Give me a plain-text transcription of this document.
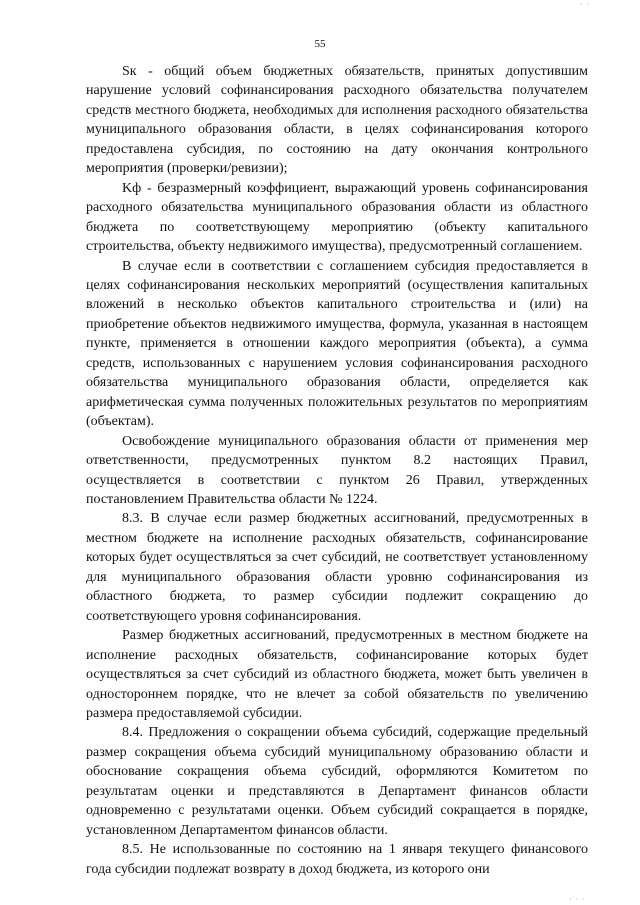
· ·
55

Sк - общий объем бюджетных обязательств, принятых допустившим нарушение условий софинансирования расходного обязательства получателем средств местного бюджета, необходимых для исполнения расходного обязательства муниципального образования области, в целях софинансирования которого предоставлена субсидия, по состоянию на дату окончания контрольного мероприятия (проверки/ревизии);

Kф - безразмерный коэффициент, выражающий уровень софинансирования расходного обязательства муниципального образования области из областного бюджета по соответствующему мероприятию (объекту капитального строительства, объекту недвижимого имущества), предусмотренный соглашением.

В случае если в соответствии с соглашением субсидия предоставляется в целях софинансирования нескольких мероприятий (осуществления капитальных вложений в несколько объектов капитального строительства и (или) на приобретение объектов недвижимого имущества, формула, указанная в настоящем пункте, применяется в отношении каждого мероприятия (объекта), а сумма средств, использованных с нарушением условия софинансирования расходного обязательства муниципального образования области, определяется как арифметическая сумма полученных положительных результатов по мероприятиям (объектам).

Освобождение муниципального образования области от применения мер ответственности, предусмотренных пунктом 8.2 настоящих Правил, осуществляется в соответствии с пунктом 26 Правил, утвержденных постановлением Правительства области № 1224.

8.3. В случае если размер бюджетных ассигнований, предусмотренных в местном бюджете на исполнение расходных обязательств, софинансирование которых будет осуществляться за счет субсидий, не соответствует установленному для муниципального образования области уровню софинансирования из областного бюджета, то размер субсидии подлежит сокращению до соответствующего уровня софинансирования.

Размер бюджетных ассигнований, предусмотренных в местном бюджете на исполнение расходных обязательств, софинансирование которых будет осуществляться за счет субсидий из областного бюджета, может быть увеличен в одностороннем порядке, что не влечет за собой обязательств по увеличению размера предоставляемой субсидии.

8.4. Предложения о сокращении объема субсидий, содержащие предельный размер сокращения объема субсидий муниципальному образованию области и обоснование сокращения объема субсидий, оформляются Комитетом по результатам оценки и представляются в Департамент финансов области одновременно с результатами оценки. Объем субсидий сокращается в порядке, установленном Департаментом финансов области.

8.5. Не использованные по состоянию на 1 января текущего финансового года субсидии подлежат возврату в доход бюджета, из которого они

· · ·
